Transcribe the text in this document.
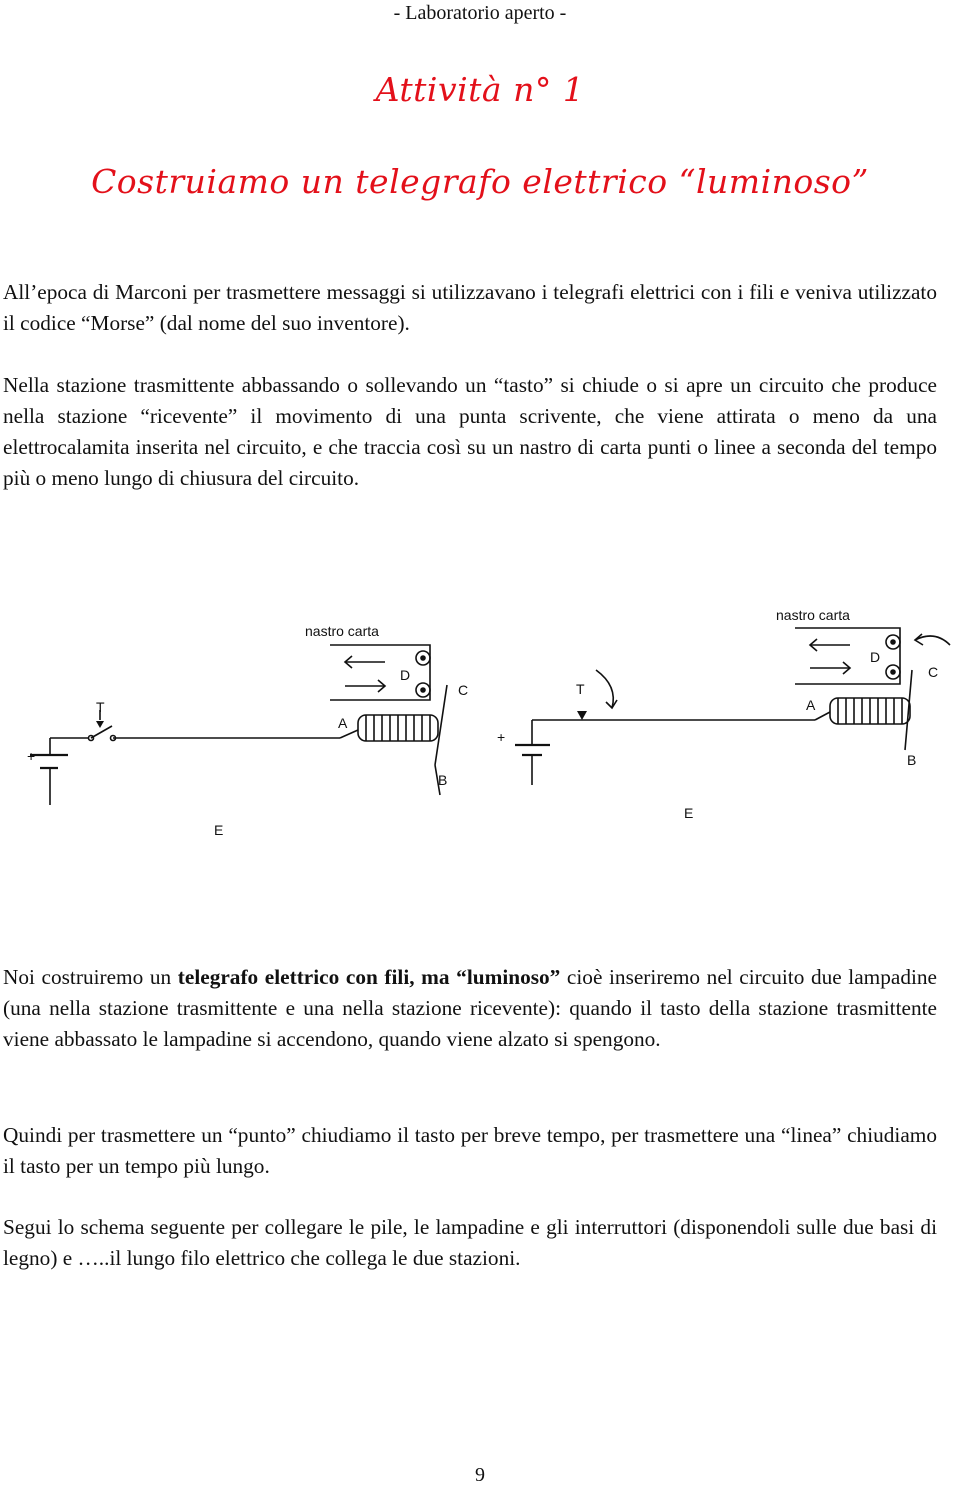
- Laboratorio aperto -
Attività n° 1
Costruiamo un telegrafo elettrico “luminoso”
All’epoca di Marconi per trasmettere messaggi si utilizzavano i telegrafi elettrici con i fili e veniva utilizzato il codice “Morse” (dal nome del suo inventore).
Nella stazione trasmittente abbassando o sollevando un “tasto” si chiude o si apre un circuito che produce nella stazione “ricevente” il movimento di una punta scrivente, che viene attirata o meno da una elettrocalamita inserita nel circuito, e che traccia così su un nastro di carta punti o linee a seconda del tempo più o meno lungo di chiusura del circuito.
nastro carta
T
+
A
D
C
B
E
nastro carta
T
+
A
D
C
B
E
Noi costruiremo un telegrafo elettrico con fili, ma “luminoso” cioè inseriremo nel circuito due lampadine (una nella stazione trasmittente e una nella stazione ricevente): quando il tasto della stazione trasmittente viene abbassato le lampadine si accendono, quando viene alzato si spengono.
Quindi per trasmettere un “punto” chiudiamo il tasto per breve tempo, per trasmettere una “linea” chiudiamo il tasto per un tempo più lungo.
Segui lo schema seguente per collegare le pile, le lampadine e gli interruttori (disponendoli sulle due basi di legno) e …..il lungo filo elettrico che collega le due stazioni.
9
